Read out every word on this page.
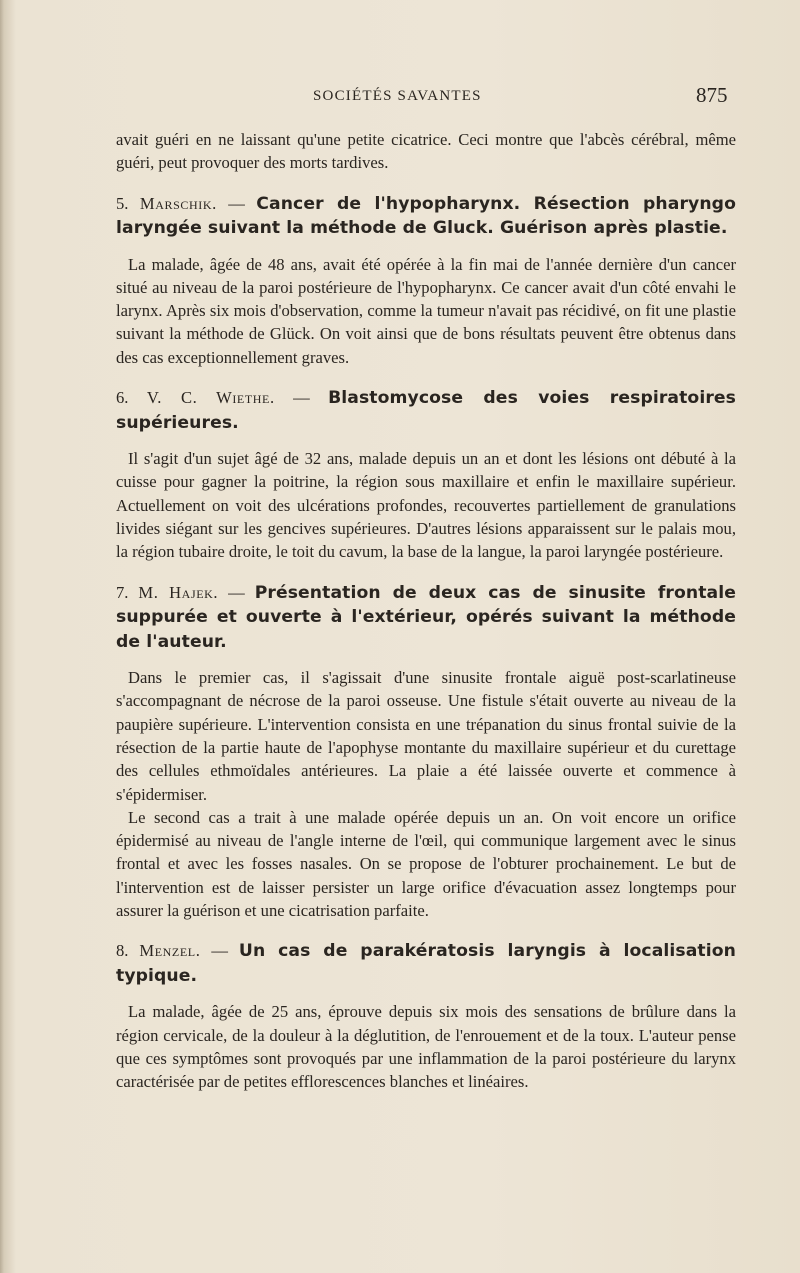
SOCIÉTÉS SAVANTES	875

avait guéri en ne laissant qu'une petite cicatrice. Ceci montre que l'abcès cérébral, même guéri, peut provoquer des morts tardives.

5. Marschik. — Cancer de l'hypopharynx. Résection pharyngo laryngée suivant la méthode de Gluck. Guérison après plastie.

La malade, âgée de 48 ans, avait été opérée à la fin mai de l'année dernière d'un cancer situé au niveau de la paroi postérieure de l'hypopharynx. Ce cancer avait d'un côté envahi le larynx. Après six mois d'observation, comme la tumeur n'avait pas récidivé, on fit une plastie suivant la méthode de Glück. On voit ainsi que de bons résultats peuvent être obtenus dans des cas exceptionnellement graves.

6. V. C. Wiethe. — Blastomycose des voies respiratoires supérieures.

Il s'agit d'un sujet âgé de 32 ans, malade depuis un an et dont les lésions ont débuté à la cuisse pour gagner la poitrine, la région sous maxillaire et enfin le maxillaire supérieur. Actuellement on voit des ulcérations profondes, recouvertes partiellement de granulations livides siégant sur les gencives supérieures. D'autres lésions apparaissent sur le palais mou, la région tubaire droite, le toit du cavum, la base de la langue, la paroi laryngée postérieure.

7. M. Hajek. — Présentation de deux cas de sinusite frontale suppurée et ouverte à l'extérieur, opérés suivant la méthode de l'auteur.

Dans le premier cas, il s'agissait d'une sinusite frontale aiguë post-scarlatineuse s'accompagnant de nécrose de la paroi osseuse. Une fistule s'était ouverte au niveau de la paupière supérieure. L'intervention consista en une trépanation du sinus frontal suivie de la résection de la partie haute de l'apophyse montante du maxillaire supérieur et du curettage des cellules ethmoïdales antérieures. La plaie a été laissée ouverte et commence à s'épidermiser.

Le second cas a trait à une malade opérée depuis un an. On voit encore un orifice épidermisé au niveau de l'angle interne de l'œil, qui communique largement avec le sinus frontal et avec les fosses nasales. On se propose de l'obturer prochainement. Le but de l'intervention est de laisser persister un large orifice d'évacuation assez longtemps pour assurer la guérison et une cicatrisation parfaite.

8. Menzel. — Un cas de parakératosis laryngis à localisation typique.

La malade, âgée de 25 ans, éprouve depuis six mois des sensations de brûlure dans la région cervicale, de la douleur à la déglutition, de l'enrouement et de la toux. L'auteur pense que ces symptômes sont provoqués par une inflammation de la paroi postérieure du larynx caractérisée par de petites efflorescences blanches et linéaires.
